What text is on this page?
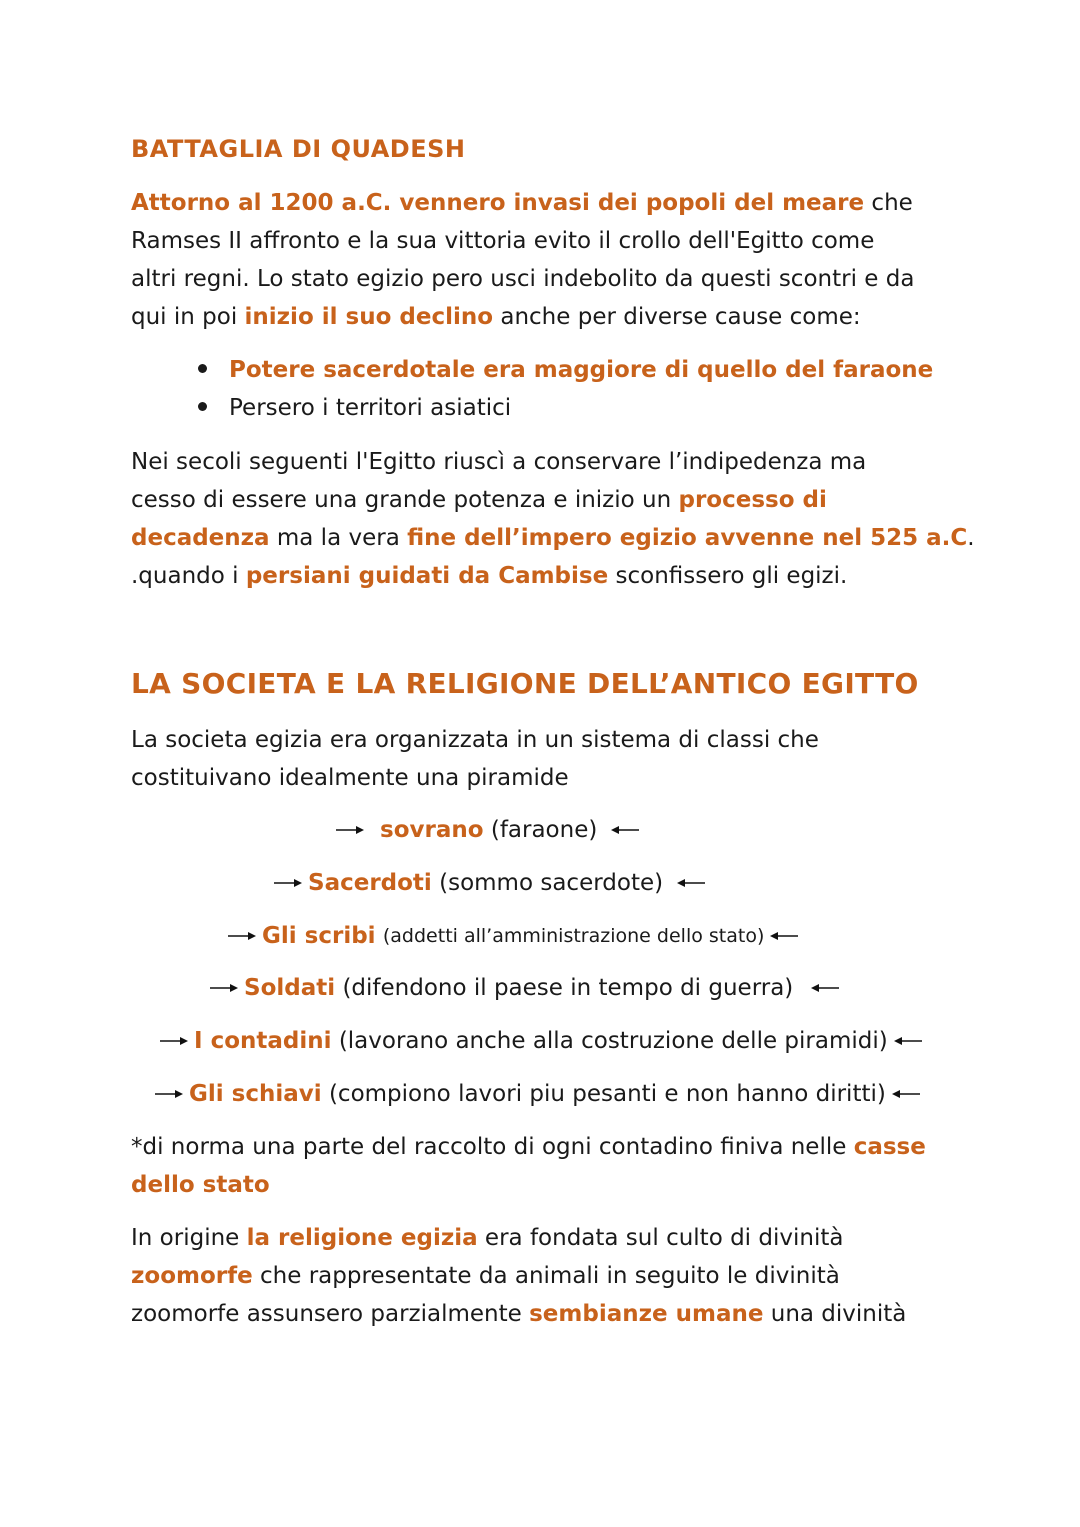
BATTAGLIA DI QUADESH
Attorno al 1200 a.C. vennero invasi dei popoli del meare che
Ramses II affronto e la sua vittoria evito il crollo dell'Egitto come
altri regni. Lo stato egizio pero usci indebolito da questi scontri e da
qui in poi inizio il suo declino anche per diverse cause come:
Potere sacerdotale era maggiore di quello del faraone
Persero i territori asiatici
Nei secoli seguenti l'Egitto riuscì a conservare l’indipedenza ma
cesso di essere una grande potenza e inizio un processo di
decadenza ma la vera fine dell’impero egizio avvenne nel 525 a.C.
.quando i persiani guidati da Cambise sconfissero gli egizi.
LA SOCIETA E LA RELIGIONE DELL’ANTICO EGITTO
La societa egizia era organizzata in un sistema di classi che
costituivano idealmente una piramide
sovrano
(faraone)
Sacerdoti
(sommo sacerdote)
Gli scribi
(addetti all’amministrazione dello stato)
Soldati
(difendono il paese in tempo di guerra)
I contadini
(lavorano anche alla costruzione delle piramidi)
Gli schiavi
(compiono lavori piu pesanti e non hanno diritti)
*di norma una parte del raccolto di ogni contadino finiva nelle casse
dello stato
In origine la religione egizia era fondata sul culto di divinità
zoomorfe che rappresentate da animali in seguito le divinità
zoomorfe assunsero parzialmente sembianze umane una divinità
